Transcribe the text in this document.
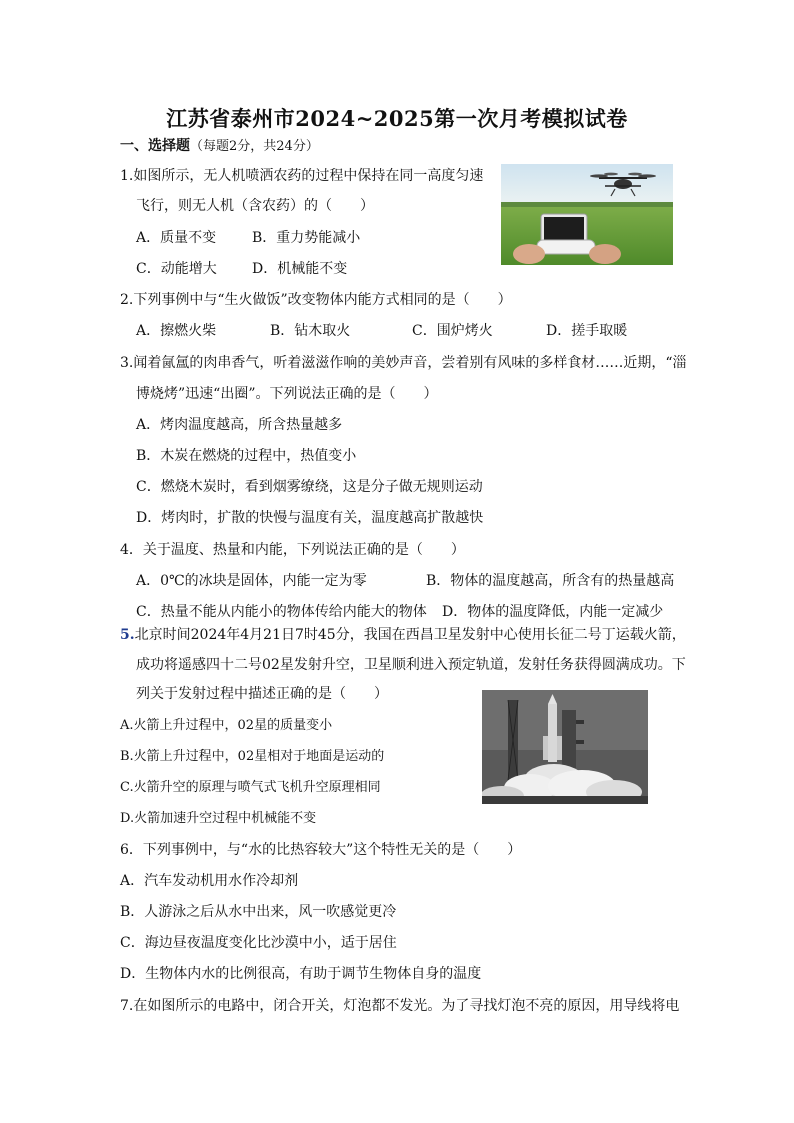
江苏省泰州市2024~2025第一次月考模拟试卷
一、选择题（每题2分，共24分）
1.如图所示，无人机喷洒农药的过程中保持在同一高度匀速
飞行，则无人机（含农药）的（　　）
A．质量不变	B．重力势能减小
C．动能增大	D．机械能不变
2.下列事例中与“生火做饭”改变物体内能方式相同的是（　　）
A．擦燃火柴	B．钻木取火	C．围炉烤火	D．搓手取暖
3.闻着氤氲的肉串香气，听着滋滋作响的美妙声音，尝着别有风味的多样食材……近期，“淄
博烧烤”迅速“出圈”。下列说法正确的是（　　）
A．烤肉温度越高，所含热量越多
B．木炭在燃烧的过程中，热值变小
C．燃烧木炭时，看到烟雾缭绕，这是分子做无规则运动
D．烤肉时，扩散的快慢与温度有关，温度越高扩散越快
4．关于温度、热量和内能，下列说法正确的是（　　）
A．0℃的冰块是固体，内能一定为零	B．物体的温度越高，所含有的热量越高
C．热量不能从内能小的物体传给内能大的物体 D．物体的温度降低，内能一定减少
5.北京时间2024年4月21日7时45分，我国在西昌卫星发射中心使用长征二号丁运载火箭，
成功将遥感四十二号02星发射升空，卫星顺利进入预定轨道，发射任务获得圆满成功。下
列关于发射过程中描述正确的是（　　）
A.火箭上升过程中，02星的质量变小
B.火箭上升过程中，02星相对于地面是运动的
C.火箭升空的原理与喷气式飞机升空原理相同
D.火箭加速升空过程中机械能不变
6．下列事例中，与“水的比热容较大”这个特性无关的是（　　）
A．汽车发动机用水作冷却剂
B．人游泳之后从水中出来，风一吹感觉更冷
C．海边昼夜温度变化比沙漠中小，适于居住
D．生物体内水的比例很高，有助于调节生物体自身的温度
7.在如图所示的电路中，闭合开关，灯泡都不发光。为了寻找灯泡不亮的原因，用导线将电
